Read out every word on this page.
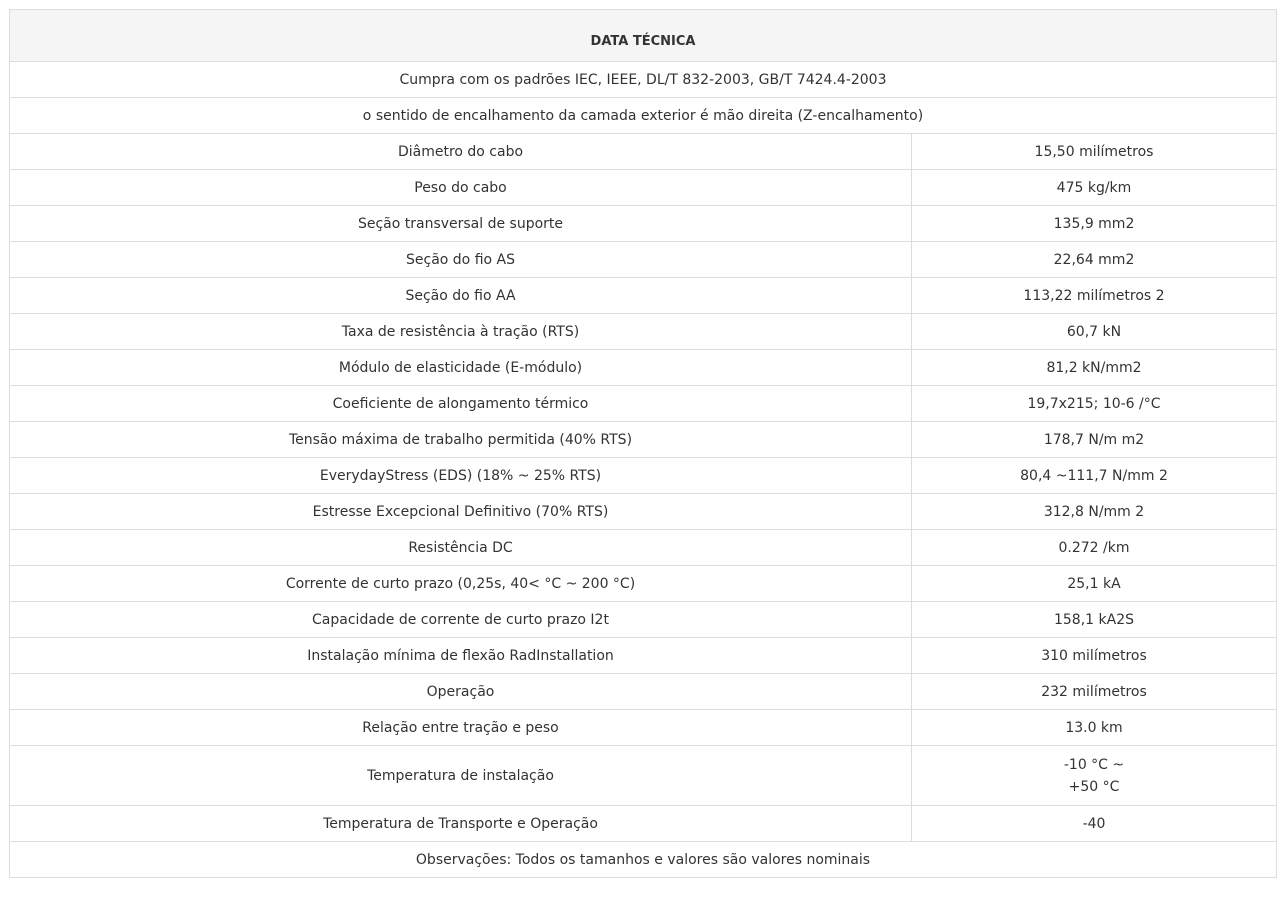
DATA TÉCNICA	
Cumpra com os padrões IEC, IEEE, DL/T 832-2003, GB/T 7424.4-2003	
o sentido de encalhamento da camada exterior é mão direita (Z-encalhamento)	
Diâmetro do cabo	15,50 milímetros
Peso do cabo	475 kg/km
Seção transversal de suporte	135,9 mm2
Seção do fio AS	22,64 mm2
Seção do fio AA	113,22 milímetros 2
Taxa de resistência à tração (RTS)	60,7 kN
Módulo de elasticidade (E-módulo)	81,2 kN/mm2
Coeficiente de alongamento térmico	19,7x215; 10-6 /°C
Tensão máxima de trabalho permitida (40% RTS)	178,7 N/m m2
EverydayStress (EDS) (18% ~ 25% RTS)	80,4 ~111,7 N/mm 2
Estresse Excepcional Definitivo (70% RTS)	312,8 N/mm 2
Resistência DC	0.272 /km
Corrente de curto prazo (0,25s, 40< °C ~ 200 °C)	25,1 kA
Capacidade de corrente de curto prazo I2t	158,1 kA2S
Instalação mínima de flexão RadInstallation	310 milímetros
Operação	232 milímetros
Relação entre tração e peso	13.0 km
Temperatura de instalação	-10 °C ~
+50 °C

Temperatura de Transporte e Operação	-40
Observações: Todos os tamanhos e valores são valores nominais	
